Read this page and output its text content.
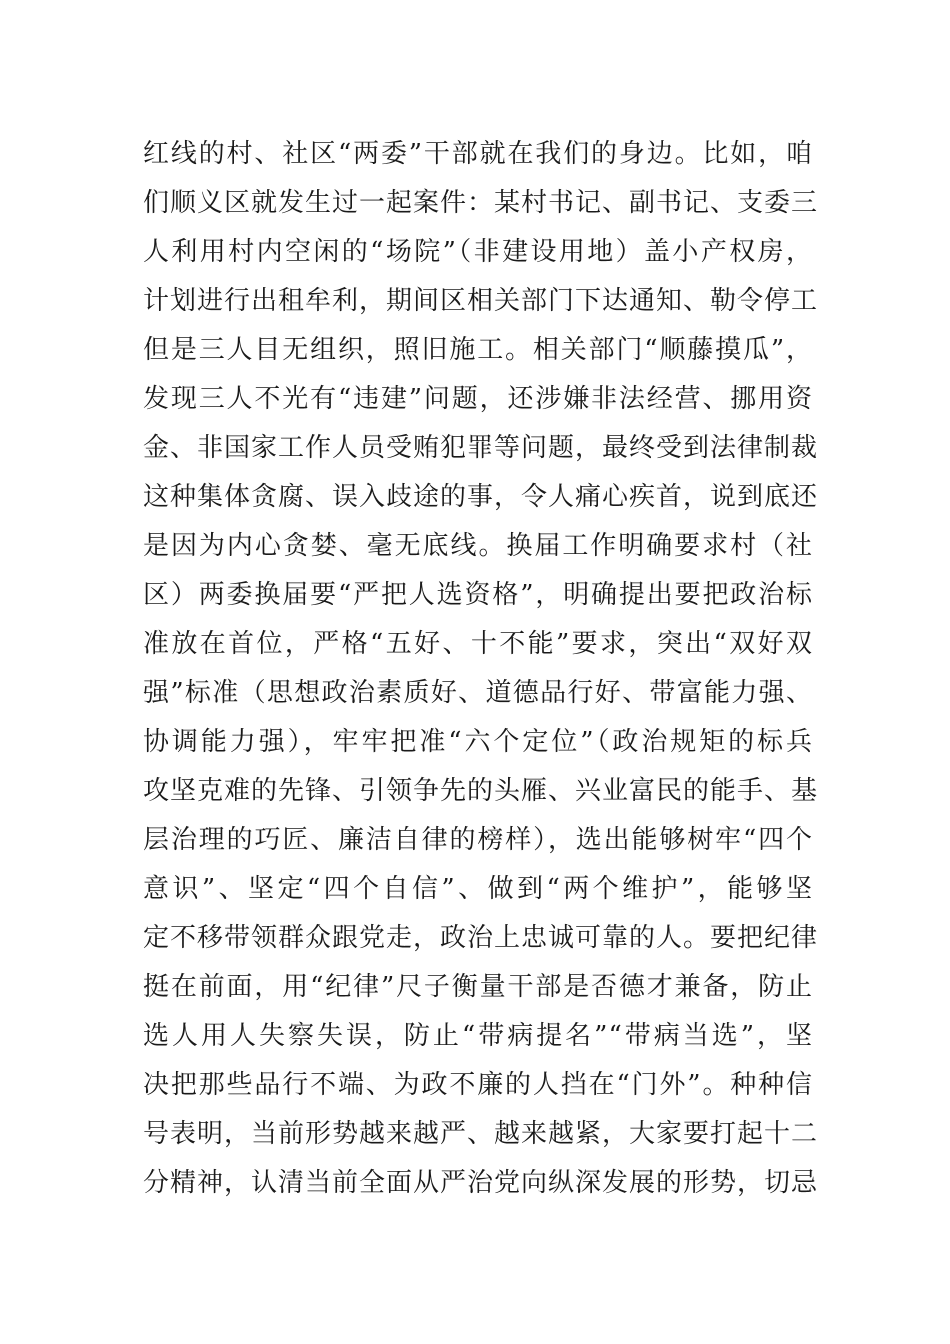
红线的村、社区“两委”干部就在我们的身边。比如，咱
们顺义区就发生过一起案件：某村书记、副书记、支委三
人利用村内空闲的“场院”（非建设用地）盖小产权房，
计划进行出租牟利，期间区相关部门下达通知、勒令停工
但是三人目无组织，照旧施工。相关部门“顺藤摸瓜”，
发现三人不光有“违建”问题，还涉嫌非法经营、挪用资
金、非国家工作人员受贿犯罪等问题，最终受到法律制裁
这种集体贪腐、误入歧途的事，令人痛心疾首，说到底还
是因为内心贪婪、毫无底线。换届工作明确要求村（社
区）两委换届要“严把人选资格”，明确提出要把政治标
准放在首位，严格“五好、十不能”要求，突出“双好双
强”标准（思想政治素质好、道德品行好、带富能力强、
协调能力强），牢牢把准“六个定位”（政治规矩的标兵
攻坚克难的先锋、引领争先的头雁、兴业富民的能手、基
层治理的巧匠、廉洁自律的榜样），选出能够树牢“四个
意识”、坚定“四个自信”、做到“两个维护”，能够坚
定不移带领群众跟党走，政治上忠诚可靠的人。要把纪律
挺在前面，用“纪律”尺子衡量干部是否德才兼备，防止
选人用人失察失误，防止“带病提名”“带病当选”，坚
决把那些品行不端、为政不廉的人挡在“门外”。种种信
号表明，当前形势越来越严、越来越紧，大家要打起十二
分精神，认清当前全面从严治党向纵深发展的形势，切忌
